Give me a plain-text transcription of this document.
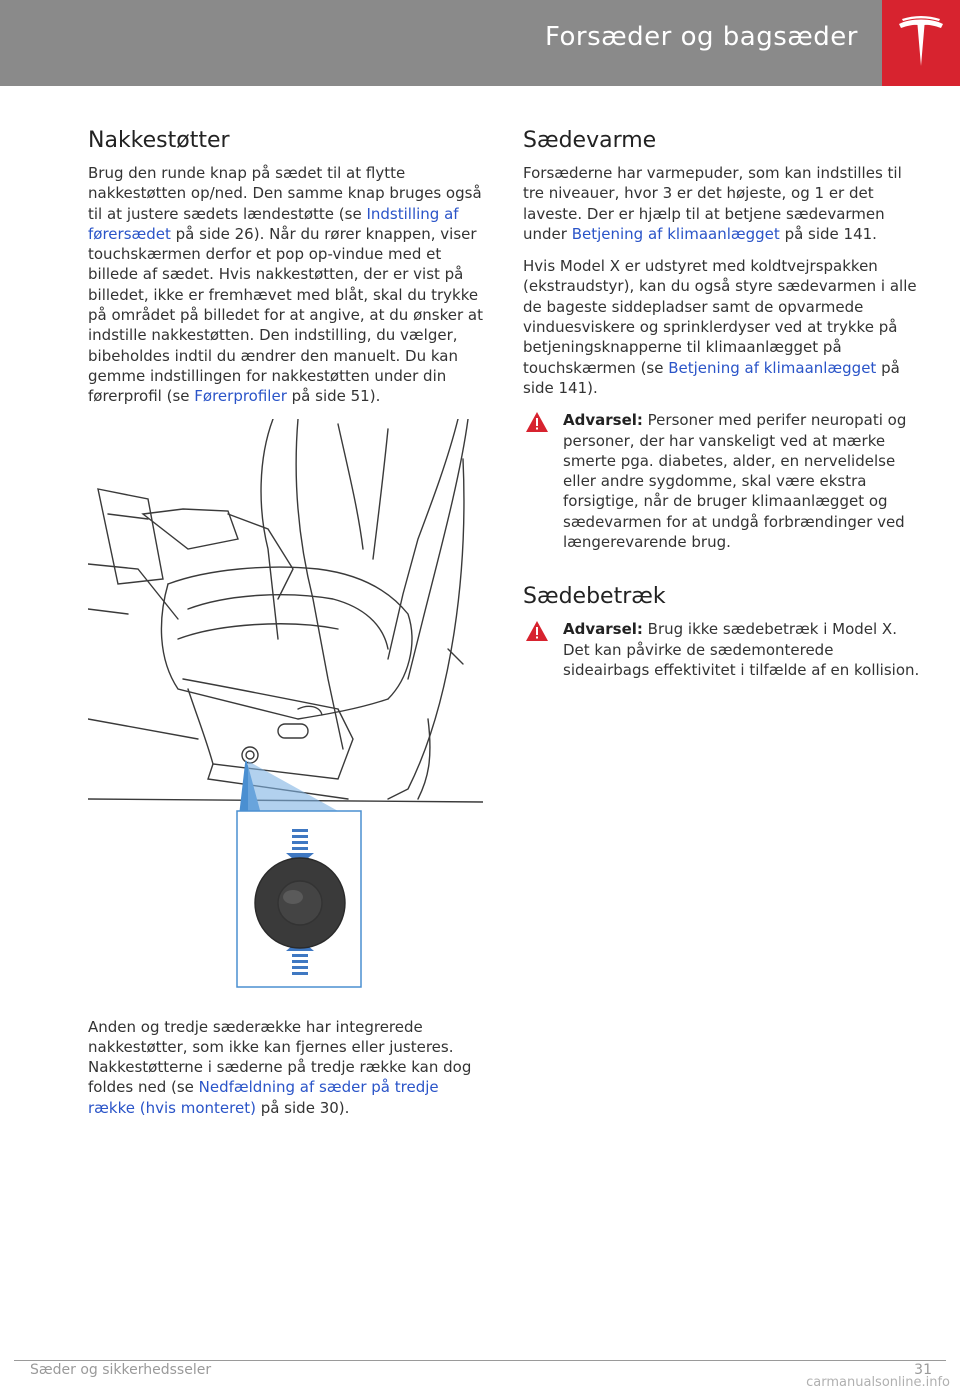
Forsæder og bagsæder
Nakkestøtter

Brug den runde knap på sædet til at flytte nakkestøtten op/ned. Den samme knap bruges også til at justere sædets lændestøtte (se Indstilling af førersædet på side 26). Når du rører knappen, viser touchskærmen derfor et pop op-vindue med et billede af sædet. Hvis nakkestøtten, der er vist på billedet, ikke er fremhævet med blåt, skal du trykke på området på billedet for at angive, at du ønsker at indstille nakkestøtten. Den indstilling, du vælger, bibeholdes indtil du ændrer den manuelt. Du kan gemme indstillingen for nakkestøtten under din førerprofil (se Førerprofiler på side 51).

Anden og tredje sæderække har integrerede nakkestøtter, som ikke kan fjernes eller justeres. Nakkestøtterne i sæderne på tredje række kan dog foldes ned (se Nedfældning af sæder på tredje række (hvis monteret) på side 30).

Sædevarme

Forsæderne har varmepuder, som kan indstilles til tre niveauer, hvor 3 er det højeste, og 1 er det laveste. Der er hjælp til at betjene sædevarmen under Betjening af klimaanlægget på side 141.

Hvis Model X er udstyret med koldtvejrspakken (ekstraudstyr), kan du også styre sædevarmen i alle de bageste siddepladser samt de opvarmede vinduesviskere og sprinklerdyser ved at trykke på betjeningsknapperne til klimaanlægget på touchskærmen (se Betjening af klimaanlægget på side 141).

Advarsel: Personer med perifer neuropati og personer, der har vanskeligt ved at mærke smerte pga. diabetes, alder, en nervelidelse eller andre sygdomme, skal være ekstra forsigtige, når de bruger klimaanlægget og sædevarmen for at undgå forbrændinger ved længerevarende brug.

Sædebetræk

Advarsel: Brug ikke sædebetræk i Model X. Det kan påvirke de sædemonterede sideairbags effektivitet i tilfælde af en kollision.

Sæder og sikkerhedsseler	31
carmanualsonline.info
